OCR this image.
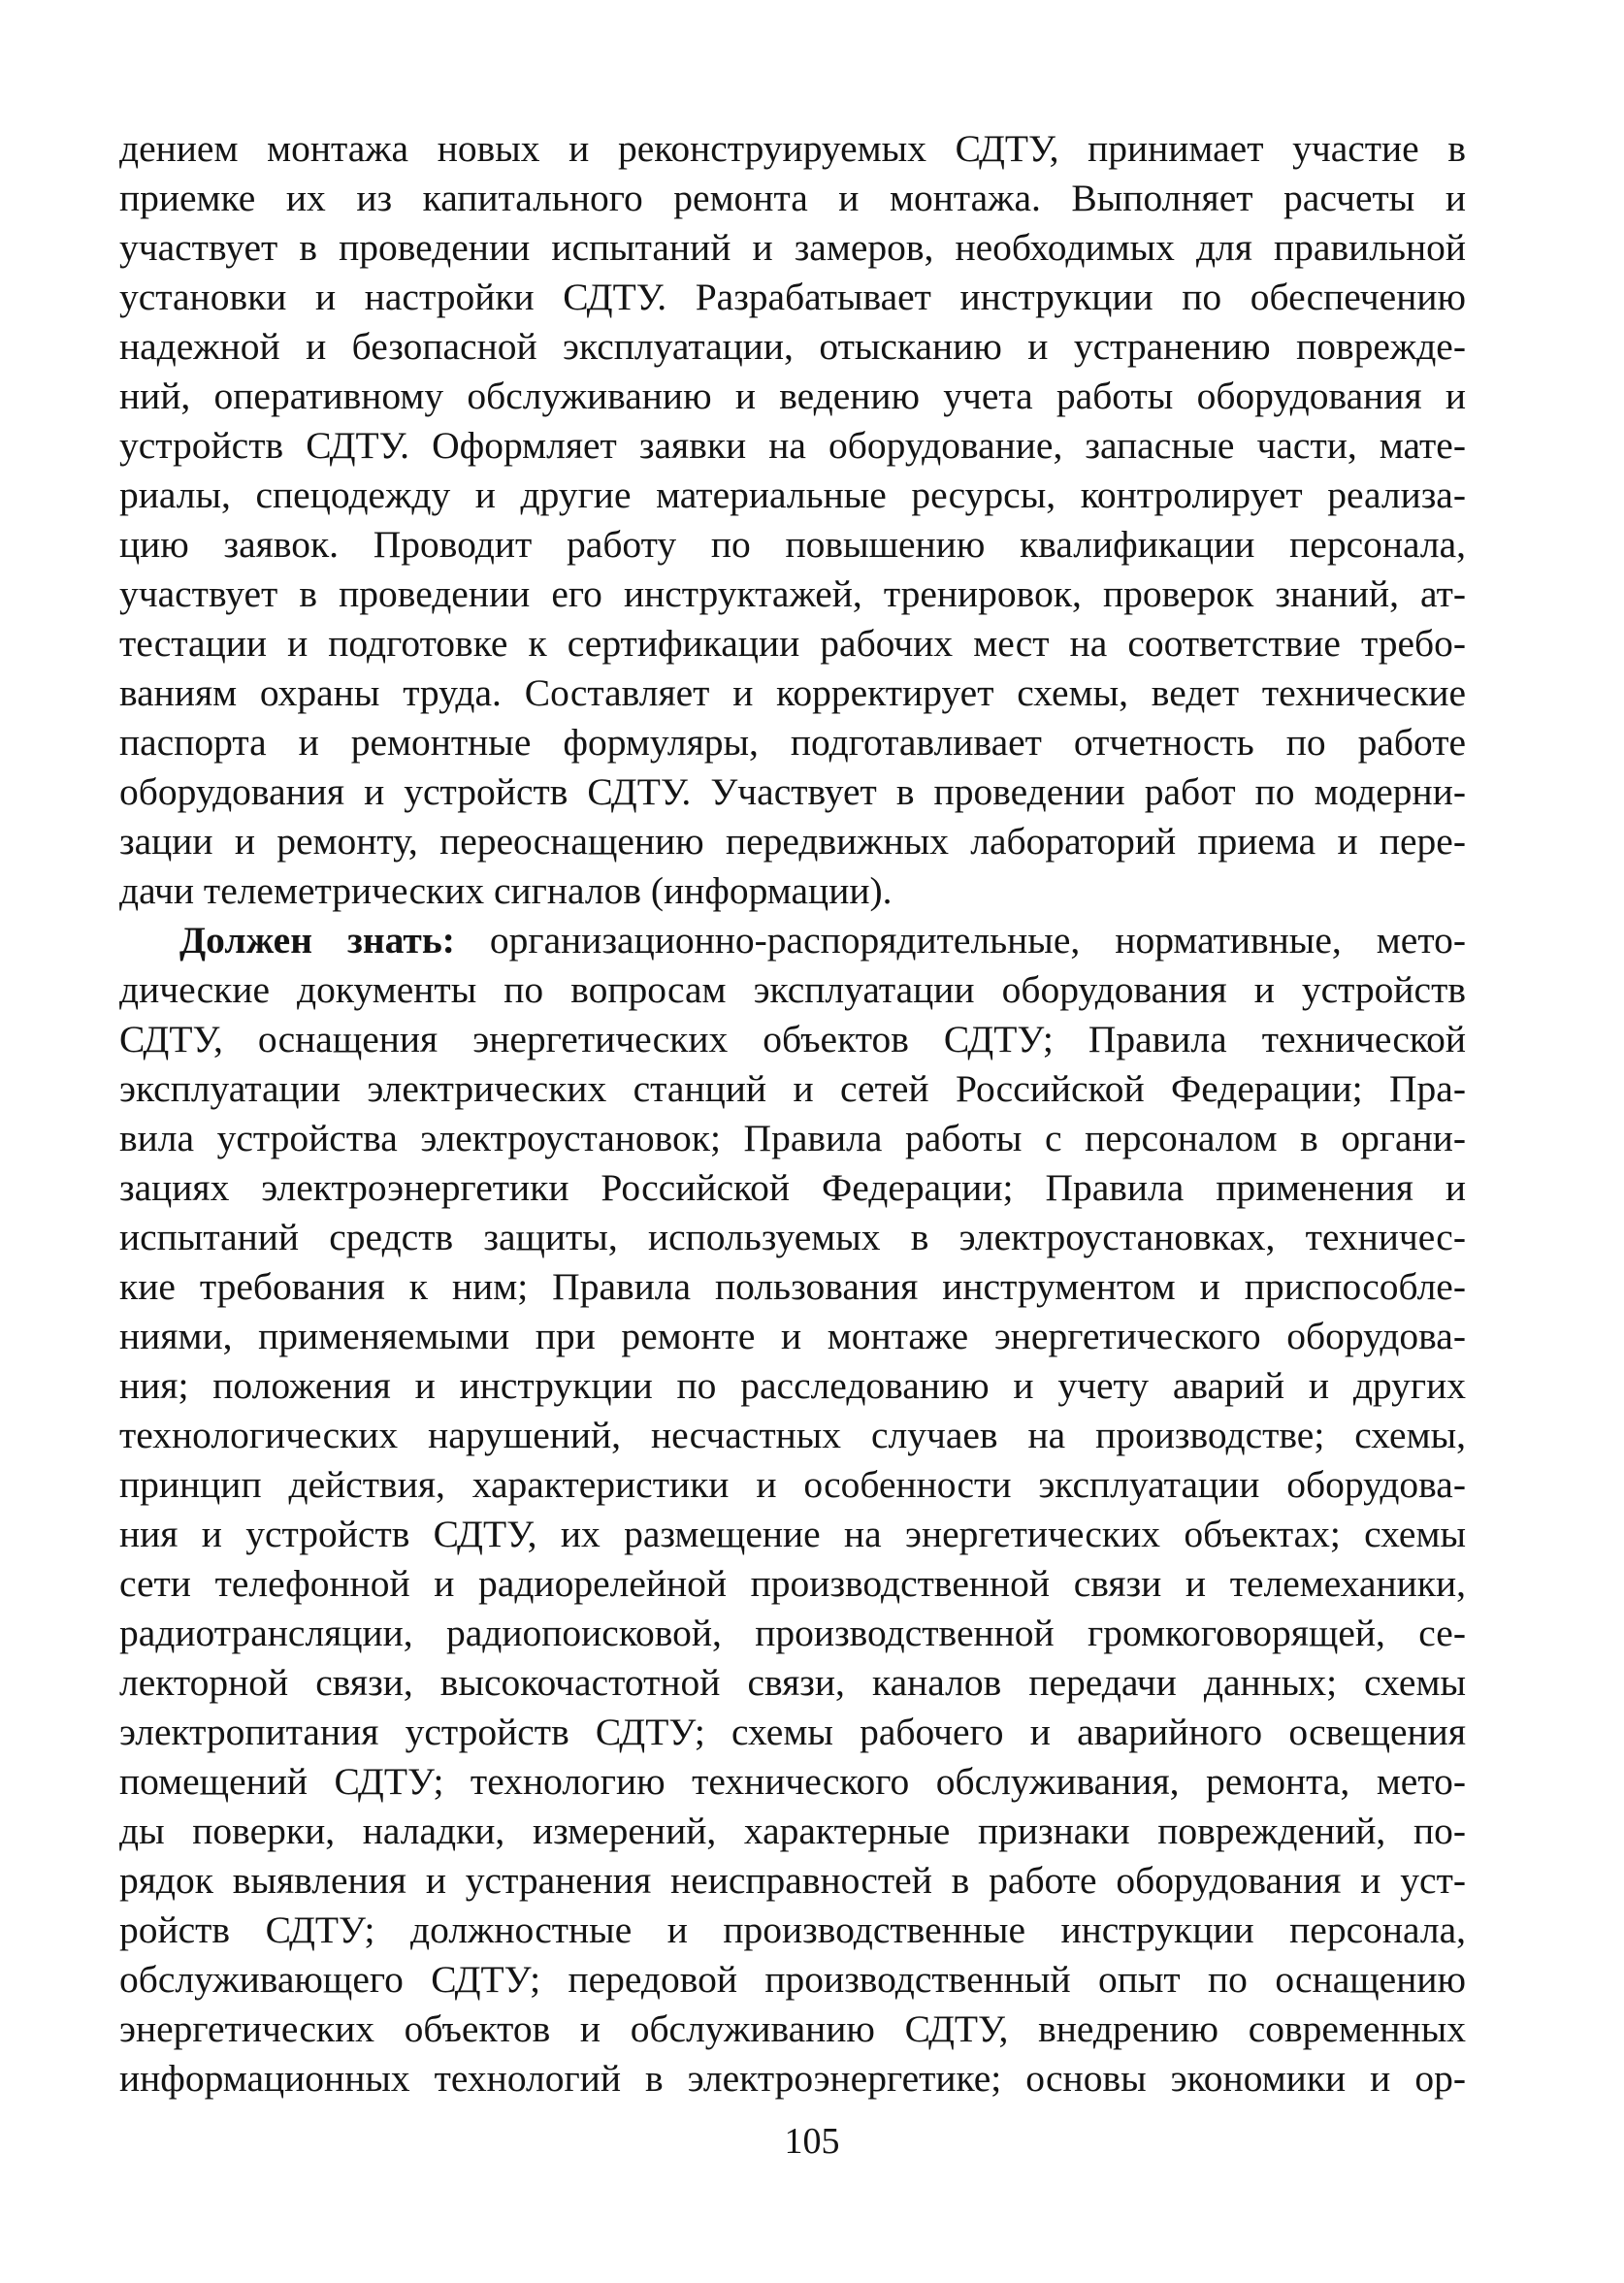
дением монтажа новых и реконструируемых СДТУ, принимает участие в
приемке их из капитального ремонта и монтажа. Выполняет расчеты и
участвует в проведении испытаний и замеров, необходимых для правильной
установки и настройки СДТУ. Разрабатывает инструкции по обеспечению
надежной и безопасной эксплуатации, отысканию и устранению поврежде-
ний, оперативному обслуживанию и ведению учета работы оборудования и
устройств СДТУ. Оформляет заявки на оборудование, запасные части, мате-
риалы, спецодежду и другие материальные ресурсы, контролирует реализа-
цию заявок. Проводит работу по повышению квалификации персонала,
участвует в проведении его инструктажей, тренировок, проверок знаний, ат-
тестации и подготовке к сертификации рабочих мест на соответствие требо-
ваниям охраны труда. Составляет и корректирует схемы, ведет технические
паспорта и ремонтные формуляры, подготавливает отчетность по работе
оборудования и устройств СДТУ. Участвует в проведении работ по модерни-
зации и ремонту, переоснащению передвижных лабораторий приема и пере-
дачи телеметрических сигналов (информации).
Должен знать: организационно-распорядительные, нормативные, мето-
дические документы по вопросам эксплуатации оборудования и устройств
СДТУ, оснащения энергетических объектов СДТУ; Правила технической
эксплуатации электрических станций и сетей Российской Федерации; Пра-
вила устройства электроустановок; Правила работы с персоналом в органи-
зациях электроэнергетики Российской Федерации; Правила применения и
испытаний средств защиты, используемых в электроустановках, техничес-
кие требования к ним; Правила пользования инструментом и приспособле-
ниями, применяемыми при ремонте и монтаже энергетического оборудова-
ния; положения и инструкции по расследованию и учету аварий и других
технологических нарушений, несчастных случаев на производстве; схемы,
принцип действия, характеристики и особенности эксплуатации оборудова-
ния и устройств СДТУ, их размещение на энергетических объектах; схемы
сети телефонной и радиорелейной производственной связи и телемеханики,
радиотрансляции, радиопоисковой, производственной громкоговорящей, се-
лекторной связи, высокочастотной связи, каналов передачи данных; схемы
электропитания устройств СДТУ; схемы рабочего и аварийного освещения
помещений СДТУ; технологию технического обслуживания, ремонта, мето-
ды поверки, наладки, измерений, характерные признаки повреждений, по-
рядок выявления и устранения неисправностей в работе оборудования и уст-
ройств СДТУ; должностные и производственные инструкции персонала,
обслуживающего СДТУ; передовой производственный опыт по оснащению
энергетических объектов и обслуживанию СДТУ, внедрению современных
информационных технологий в электроэнергетике; основы экономики и ор-
105
